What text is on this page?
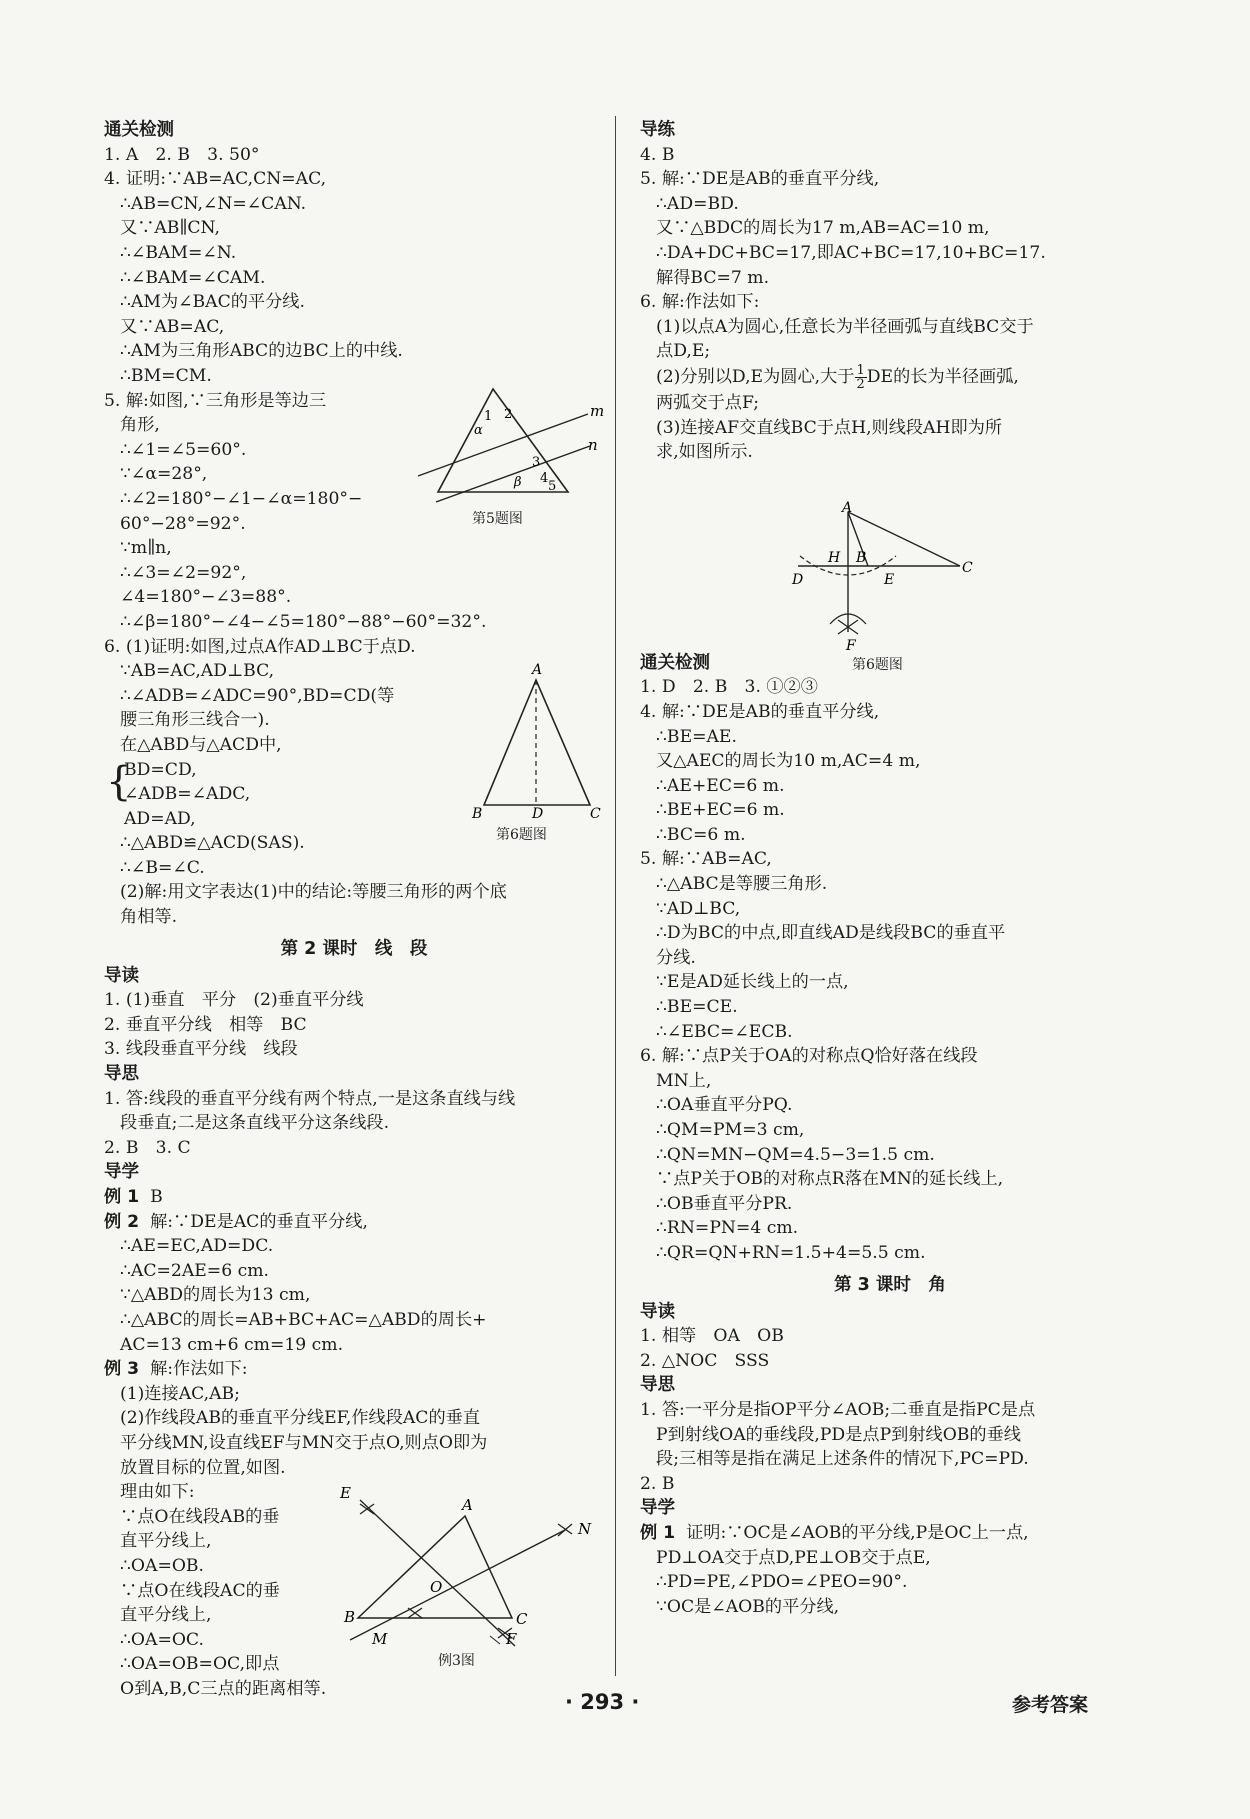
通关检测
1. A　2. B　3. 50°
4. 证明:∵AB=AC,CN=AC,
∴AB=CN,∠N=∠CAN.
又∵AB∥CN,
∴∠BAM=∠N.
∴∠BAM=∠CAM.
∴AM为∠BAC的平分线.
又∵AB=AC,
∴AM为三角形ABC的边BC上的中线.
∴BM=CM.
5. 解:如图,∵三角形是等边三
角形,
∴∠1=∠5=60°.
∵∠α=28°,
∴∠2=180°−∠1−∠α=180°−
60°−28°=92°.
∵m∥n,
∴∠3=∠2=92°,
∠4=180°−∠3=88°.
∴∠β=180°−∠4−∠5=180°−88°−60°=32°.
6. (1)证明:如图,过点A作AD⊥BC于点D.
∵AB=AC,AD⊥BC,
∴∠ADB=∠ADC=90°,BD=CD(等
腰三角形三线合一).
在△ABD与△ACD中,
{
BD=CD,
∠ADB=∠ADC,
AD=AD,
∴△ABD≌△ACD(SAS).
∴∠B=∠C.
(2)解:用文字表达(1)中的结论:等腰三角形的两个底
角相等.
第 2 课时　线　段
导读
1. (1)垂直　平分　(2)垂直平分线
2. 垂直平分线　相等　BC
3. 线段垂直平分线　线段
导思
1. 答:线段的垂直平分线有两个特点,一是这条直线与线
段垂直;二是这条直线平分这条线段.
2. B　3. C
导学
例 1 B
例 2 解:∵DE是AC的垂直平分线,
∴AE=EC,AD=DC.
∴AC=2AE=6 cm.
∵△ABD的周长为13 cm,
∴△ABC的周长=AB+BC+AC=△ABD的周长+
AC=13 cm+6 cm=19 cm.
例 3 解:作法如下:
(1)连接AC,AB;
(2)作线段AB的垂直平分线EF,作线段AC的垂直
平分线MN,设直线EF与MN交于点O,则点O即为
放置目标的位置,如图.
理由如下:
∵点O在线段AB的垂
直平分线上,
∴OA=OB.
∵点O在线段AC的垂
直平分线上,
∴OA=OC.
∴OA=OB=OC,即点
O到A,B,C三点的距离相等.
m
n
1 2
α
3
β 4
5
第5题图
A
B	D	C
第6题图
E
A
N
O
B	C
M	F
例3图
导练
4. B
5. 解:∵DE是AB的垂直平分线,
∴AD=BD.
又∵△BDC的周长为17 m,AB=AC=10 m,
∴DA+DC+BC=17,即AC+BC=17,10+BC=17.
解得BC=7 m.
6. 解:作法如下:
(1)以点A为圆心,任意长为半径画弧与直线BC交于
点D,E;
(2)分别以D,E为圆心,大于 $\frac{1}{2}$ DE的长为半径画弧,
两弧交于点F;
(3)连接AF交直线BC于点H,则线段AH即为所
求,如图所示.
通关检测
1. D　2. B　3. ①②③
4. 解:∵DE是AB的垂直平分线,
∴BE=AE.
又△AEC的周长为10 m,AC=4 m,
∴AE+EC=6 m.
∴BE+EC=6 m.
∴BC=6 m.
5. 解:∵AB=AC,
∴△ABC是等腰三角形.
∵AD⊥BC,
∴D为BC的中点,即直线AD是线段BC的垂直平
分线.
∵E是AD延长线上的一点,
∴BE=CE.
∴∠EBC=∠ECB.
6. 解:∵点P关于OA的对称点Q恰好落在线段
MN上,
∴OA垂直平分PQ.
∴QM=PM=3 cm,
∴QN=MN−QM=4.5−3=1.5 cm.
∵点P关于OB的对称点R落在MN的延长线上,
∴OB垂直平分PR.
∴RN=PN=4 cm.
∴QR=QN+RN=1.5+4=5.5 cm.
第 3 课时　角
导读
1. 相等　OA　OB
2. △NOC　SSS
导思
1. 答:一平分是指OP平分∠AOB;二垂直是指PC是点
P到射线OA的垂线段,PD是点P到射线OB的垂线
段;三相等是指在满足上述条件的情况下,PC=PD.
2. B
导学
例 1 证明:∵OC是∠AOB的平分线,P是OC上一点,
PD⊥OA交于点D,PE⊥OB交于点E,
∴PD=PE,∠PDO=∠PEO=90°.
∵OC是∠AOB的平分线,
A
H B
D	E
C
F
第6题图
· 293 ·	参考答案
